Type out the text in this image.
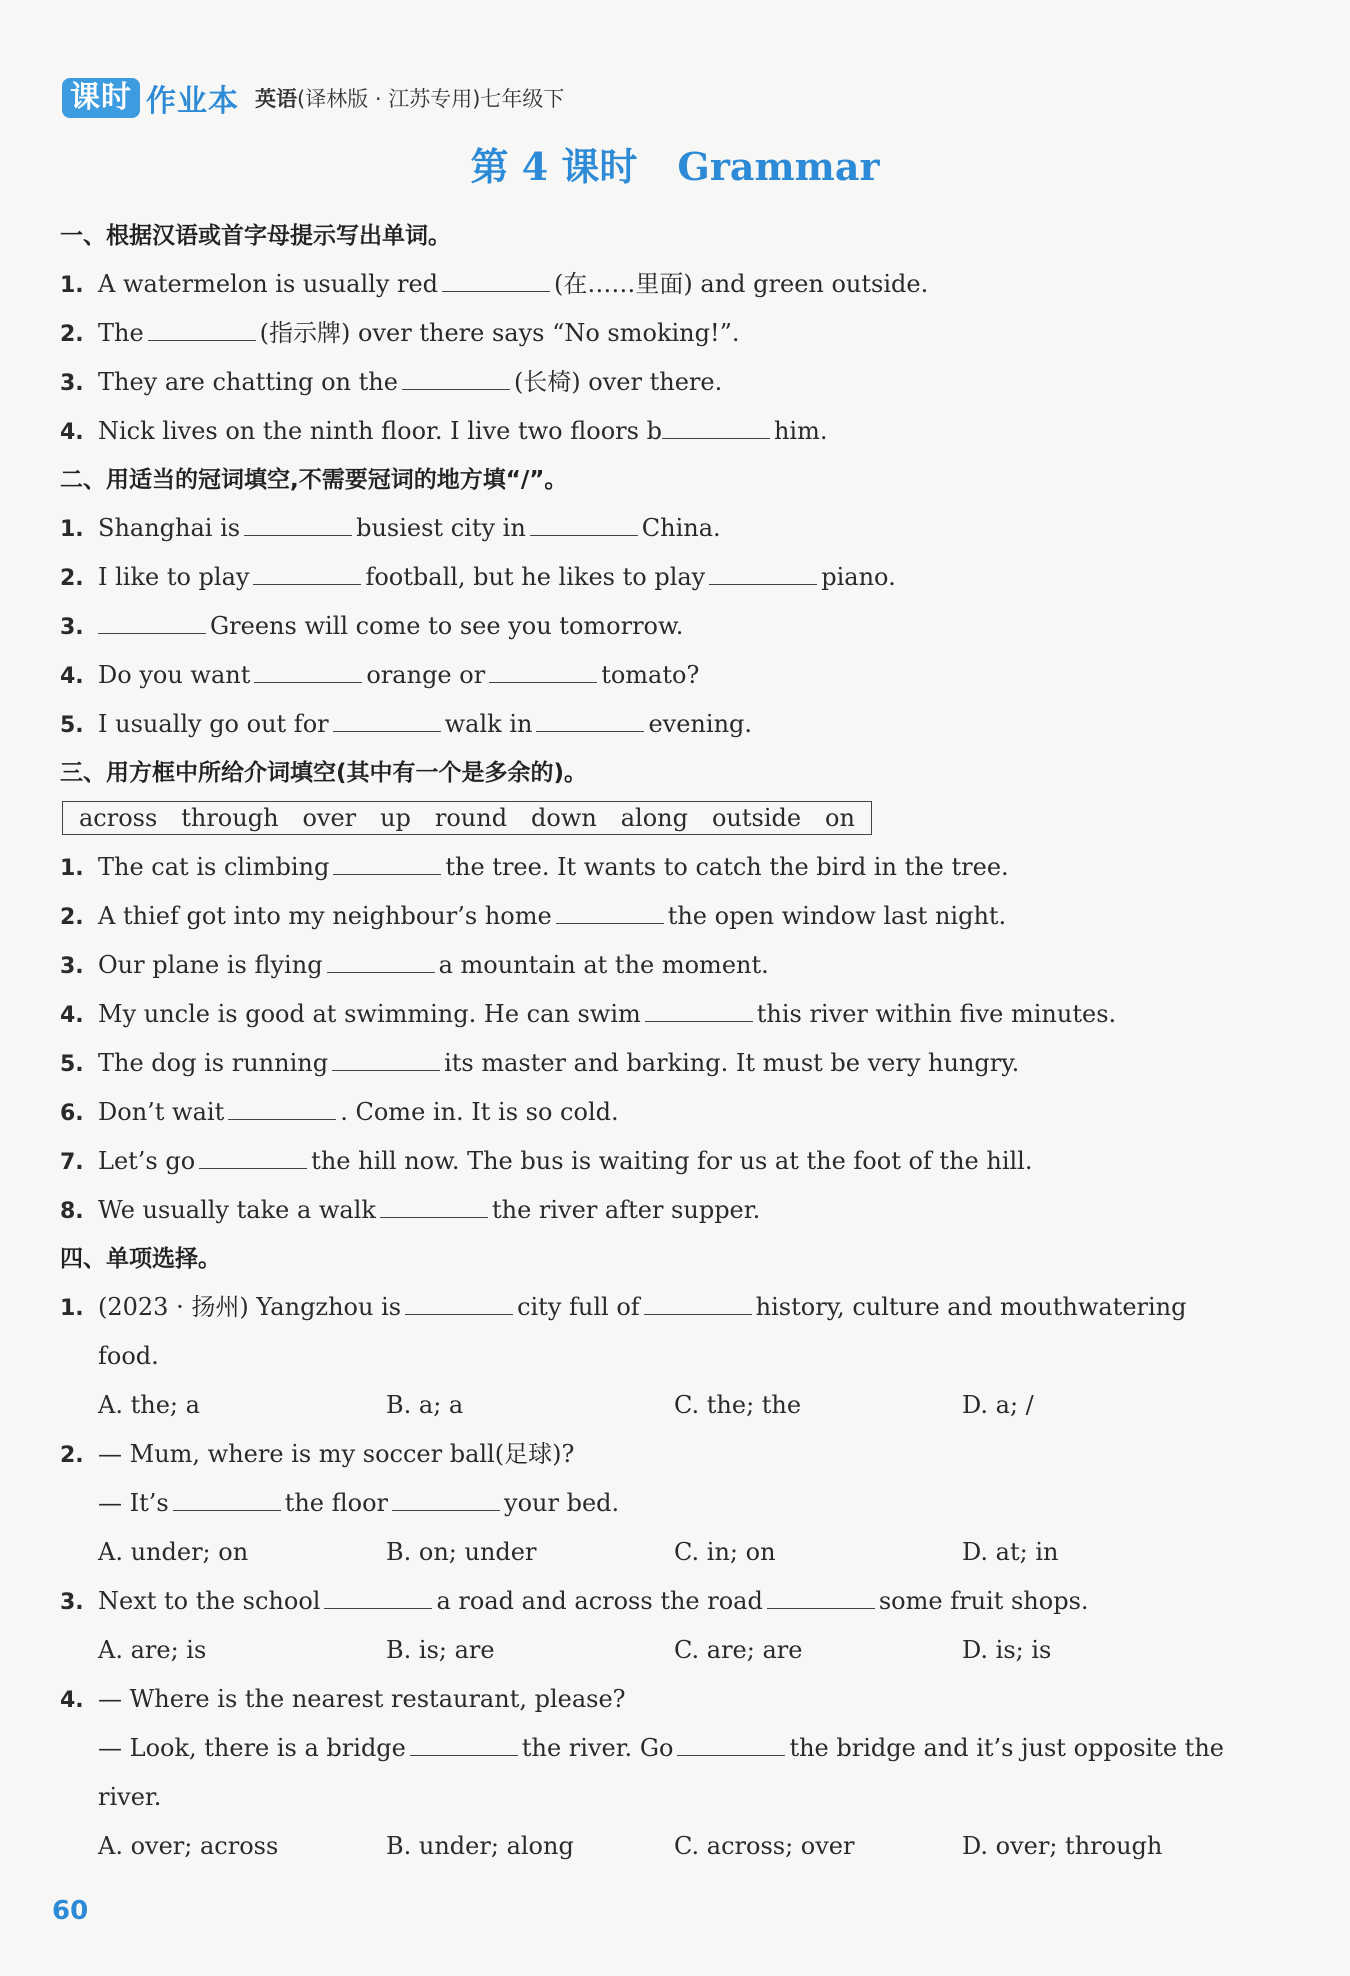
课时 作业本 英语(译林版 · 江苏专用)七年级下
第 4 课时 Grammar
一、根据汉语或首字母提示写出单词。
1. A watermelon is usually red	(在……里面) and green outside.
2. The	(指示牌) over there says “No smoking!”.
3. They are chatting on the	(长椅) over there.
4. Nick lives on the ninth floor. I live two floors b	him.
二、用适当的冠词填空,不需要冠词的地方填“/”。
1. Shanghai is	busiest city in	China.
2. I like to play	football, but he likes to play	piano.
3.	Greens will come to see you tomorrow.
4. Do you want	orange or	tomato?
5. I usually go out for	walk in	evening.
三、用方框中所给介词填空(其中有一个是多余的)。
across through over up round down along outside on
1. The cat is climbing	the tree. It wants to catch the bird in the tree.
2. A thief got into my neighbour’s home	the open window last night.
3. Our plane is flying	a mountain at the moment.
4. My uncle is good at swimming. He can swim	this river within five minutes.
5. The dog is running	its master and barking. It must be very hungry.
6. Don’t wait	. Come in. It is so cold.
7. Let’s go	the hill now. The bus is waiting for us at the foot of the hill.
8. We usually take a walk	the river after supper.
四、单项选择。
1. (2023 · 扬州) Yangzhou is	city full of	history, culture and mouthwatering
food.
A. the; a	B. a; a	C. the; the	D. a; /
2. — Mum, where is my soccer ball(足球)?
— It’s	the floor	your bed.
A. under; on	B. on; under	C. in; on	D. at; in
3. Next to the school	a road and across the road	some fruit shops.
A. are; is	B. is; are	C. are; are	D. is; is
4. — Where is the nearest restaurant, please?
— Look, there is a bridge	the river. Go	the bridge and it’s just opposite the
river.
A. over; across	B. under; along	C. across; over	D. over; through
60
